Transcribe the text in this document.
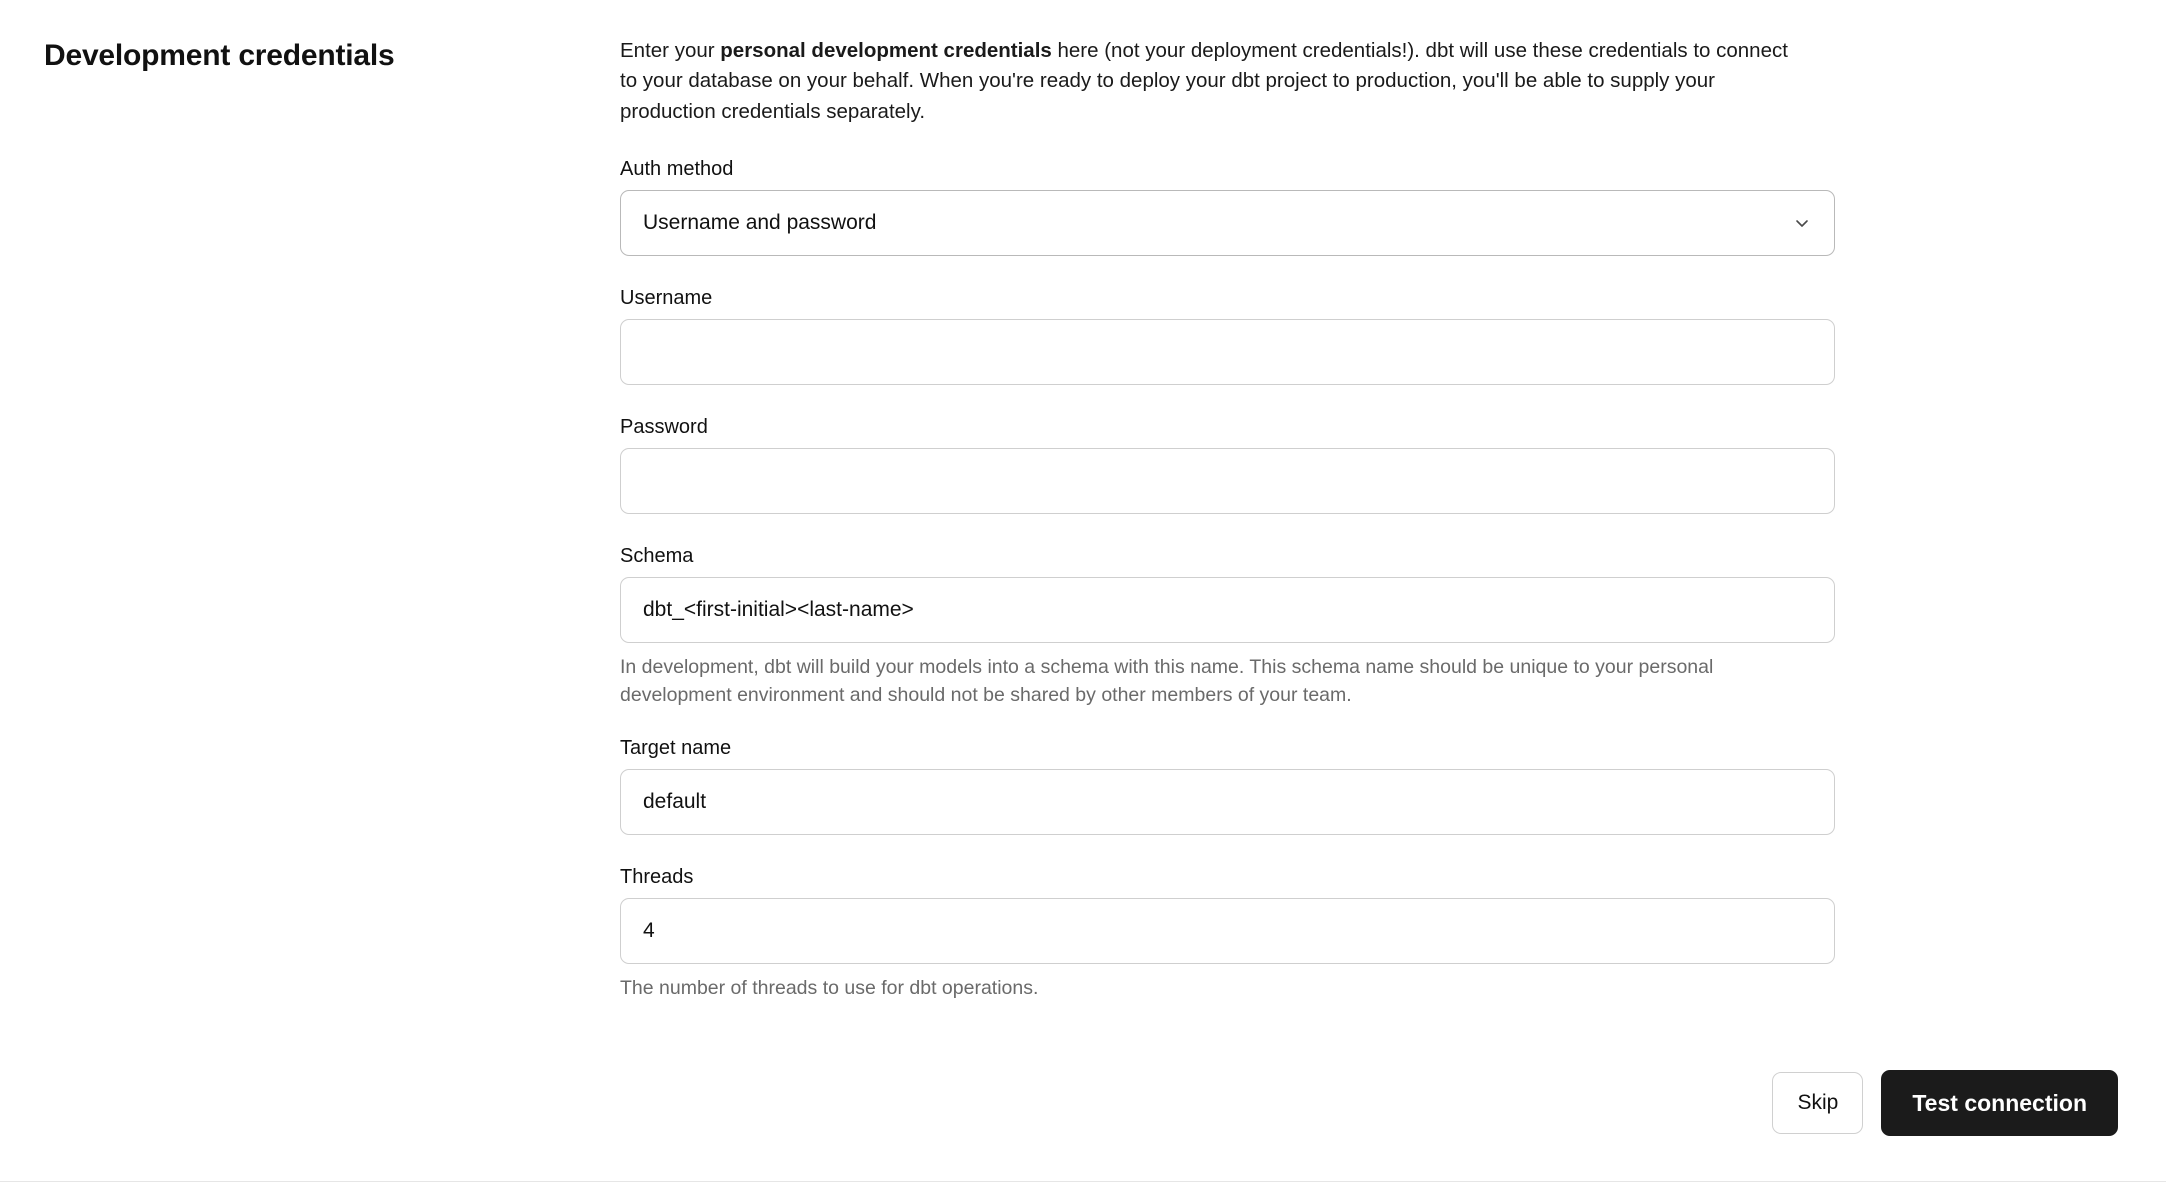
Development credentials	Enter your personal development credentials here (not your deployment credentials!). dbt will use these credentials to connect to your database on your behalf. When you're ready to deploy your dbt project to production, you'll be able to supply your production credentials separately.

Auth method
Username and password
Username
Password
Schema
dbt_<first-initial><last-name>
In development, dbt will build your models into a schema with this name. This schema name should be unique to your personal development environment and should not be shared by other members of your team.
Target name
default
Threads
4
The number of threads to use for dbt operations.
Skip	Test connection
